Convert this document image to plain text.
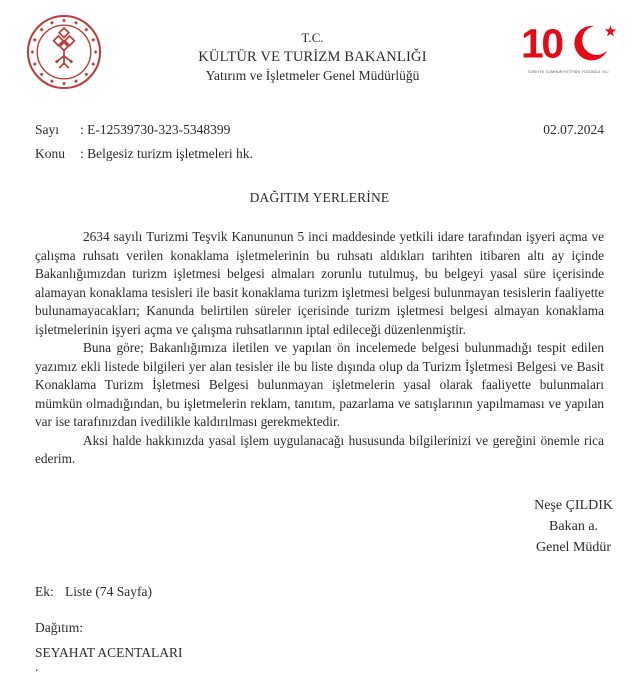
T.C.
KÜLTÜR VE TURİZM BAKANLIĞI
Yatırım ve İşletmeler Genel Müdürlüğü
10
TÜRKİYE CUMHURİYETİ'NİN YÜZÜNCÜ YILI
02.07.2024
Sayı : E-12539730-323-5348399
Konu : Belgesiz turizm işletmeleri hk.
DAĞITIM YERLERİNE

2634 sayılı Turizmi Teşvik Kanununun 5 inci maddesinde yetkili idare tarafından işyeri açma ve çalışma ruhsatı verilen konaklama işletmelerinin bu ruhsatı aldıkları tarihten itibaren altı ay içinde Bakanlığımızdan turizm işletmesi belgesi almaları zorunlu tutulmuş, bu belgeyi yasal süre içerisinde alamayan konaklama tesisleri ile basit konaklama turizm işletmesi belgesi bulunmayan tesislerin faaliyette bulunamayacakları; Kanunda belirtilen süreler içerisinde turizm işletmesi belgesi almayan konaklama işletmelerinin işyeri açma ve çalışma ruhsatlarının iptal edileceği düzenlenmiştir.

Buna göre; Bakanlığımıza iletilen ve yapılan ön incelemede belgesi bulunmadığı tespit edilen yazımız ekli listede bilgileri yer alan tesisler ile bu liste dışında olup da Turizm İşletmesi Belgesi ve Basit Konaklama Turizm İşletmesi Belgesi bulunmayan işletmelerin yasal olarak faaliyette bulunmaları mümkün olmadığından, bu işletmelerin reklam, tanıtım, pazarlama ve satışlarının yapılmaması ve yapılan var ise tarafınızdan ivedilikle kaldırılması gerekmektedir.

Aksi halde hakkınızda yasal işlem uygulanacağı hususunda bilgilerinizi ve gereğini önemle rica ederim.

Neşe ÇILDIK
Bakan a.
Genel Müdür
Ek: Liste (74 Sayfa)
Dağıtım:
SEYAHAT ACENTALARI
.
